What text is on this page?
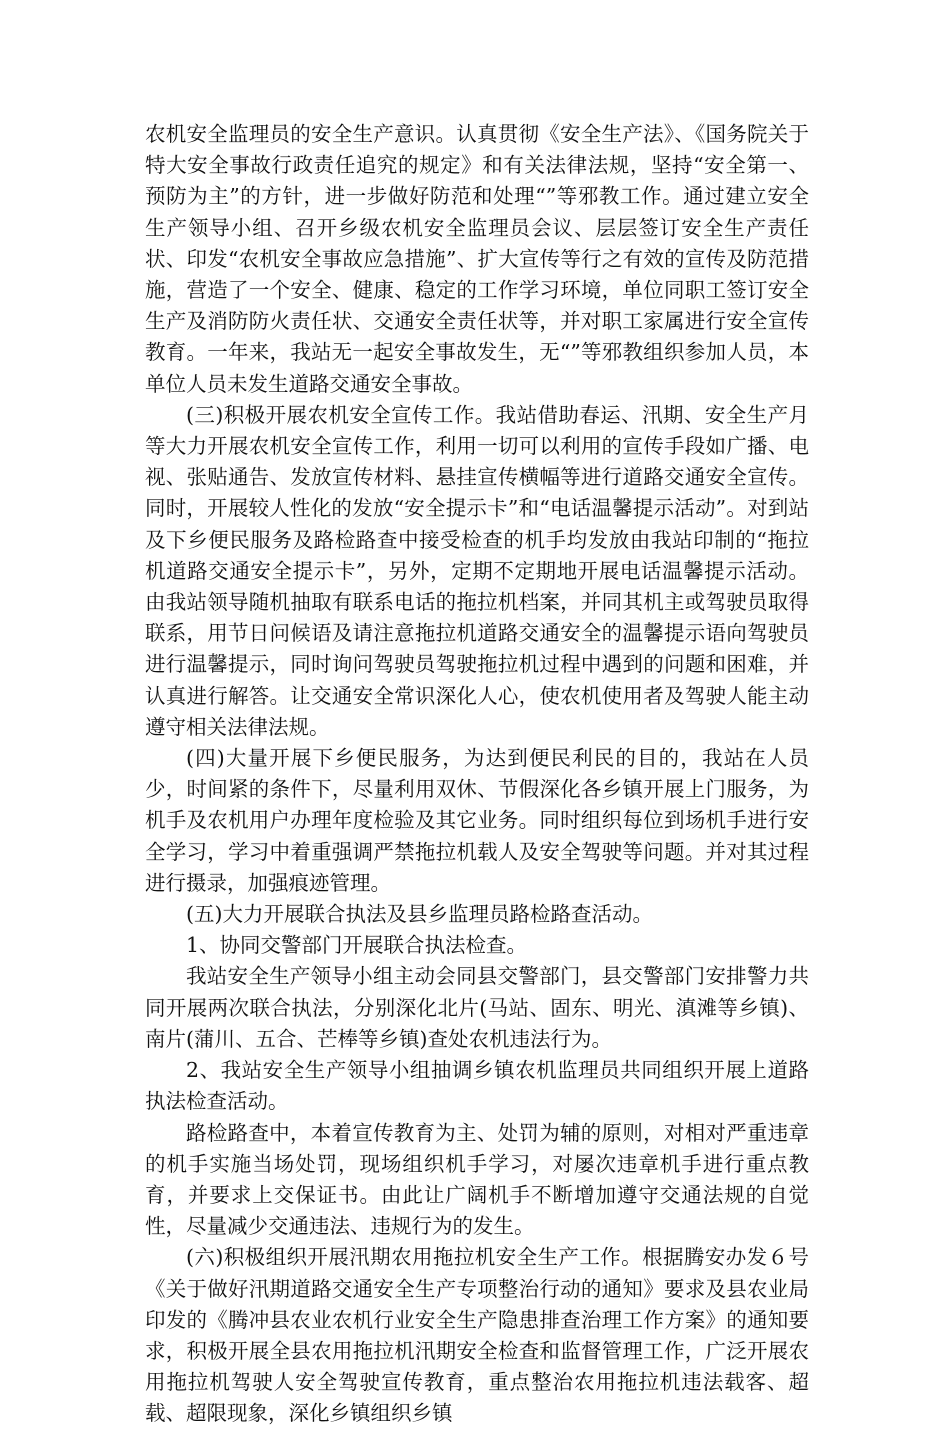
农机安全监理员的安全生产意识。认真贯彻《安全生产法》、《国务院关于特大安全事故行政责任追究的规定》和有关法律法规，坚持“安全第一、预防为主”的方针，进一步做好防范和处理“”等邪教工作。通过建立安全生产领导小组、召开乡级农机安全监理员会议、层层签订安全生产责任状、印发“农机安全事故应急措施”、扩大宣传等行之有效的宣传及防范措施，营造了一个安全、健康、稳定的工作学习环境，单位同职工签订安全生产及消防防火责任状、交通安全责任状等，并对职工家属进行安全宣传教育。一年来，我站无一起安全事故发生，无“”等邪教组织参加人员，本单位人员未发生道路交通安全事故。

(三)积极开展农机安全宣传工作。我站借助春运、汛期、安全生产月等大力开展农机安全宣传工作，利用一切可以利用的宣传手段如广播、电视、张贴通告、发放宣传材料、悬挂宣传横幅等进行道路交通安全宣传。同时，开展较人性化的发放“安全提示卡”和“电话温馨提示活动”。对到站及下乡便民服务及路检路查中接受检查的机手均发放由我站印制的“拖拉机道路交通安全提示卡”，另外，定期不定期地开展电话温馨提示活动。由我站领导随机抽取有联系电话的拖拉机档案，并同其机主或驾驶员取得联系，用节日问候语及请注意拖拉机道路交通安全的温馨提示语向驾驶员进行温馨提示，同时询问驾驶员驾驶拖拉机过程中遇到的问题和困难，并认真进行解答。让交通安全常识深化人心，使农机使用者及驾驶人能主动遵守相关法律法规。

(四)大量开展下乡便民服务，为达到便民利民的目的，我站在人员少，时间紧的条件下，尽量利用双休、节假深化各乡镇开展上门服务，为机手及农机用户办理年度检验及其它业务。同时组织每位到场机手进行安全学习，学习中着重强调严禁拖拉机载人及安全驾驶等问题。并对其过程进行摄录，加强痕迹管理。

(五)大力开展联合执法及县乡监理员路检路查活动。

1、协同交警部门开展联合执法检查。

我站安全生产领导小组主动会同县交警部门，县交警部门安排警力共同开展两次联合执法，分别深化北片(马站、固东、明光、滇滩等乡镇)、南片(蒲川、五合、芒棒等乡镇)查处农机违法行为。

2、我站安全生产领导小组抽调乡镇农机监理员共同组织开展上道路执法检查活动。

路检路查中，本着宣传教育为主、处罚为辅的原则，对相对严重违章的机手实施当场处罚，现场组织机手学习，对屡次违章机手进行重点教育，并要求上交保证书。由此让广阔机手不断增加遵守交通法规的自觉性，尽量减少交通违法、违规行为的发生。

(六)积极组织开展汛期农用拖拉机安全生产工作。根据腾安办发６号《关于做好汛期道路交通安全生产专项整治行动的通知》要求及县农业局印发的《腾冲县农业农机行业安全生产隐患排查治理工作方案》的通知要求，积极开展全县农用拖拉机汛期安全检查和监督管理工作，广泛开展农用拖拉机驾驶人安全驾驶宣传教育，重点整治农用拖拉机违法载客、超载、超限现象，深化乡镇组织乡镇
